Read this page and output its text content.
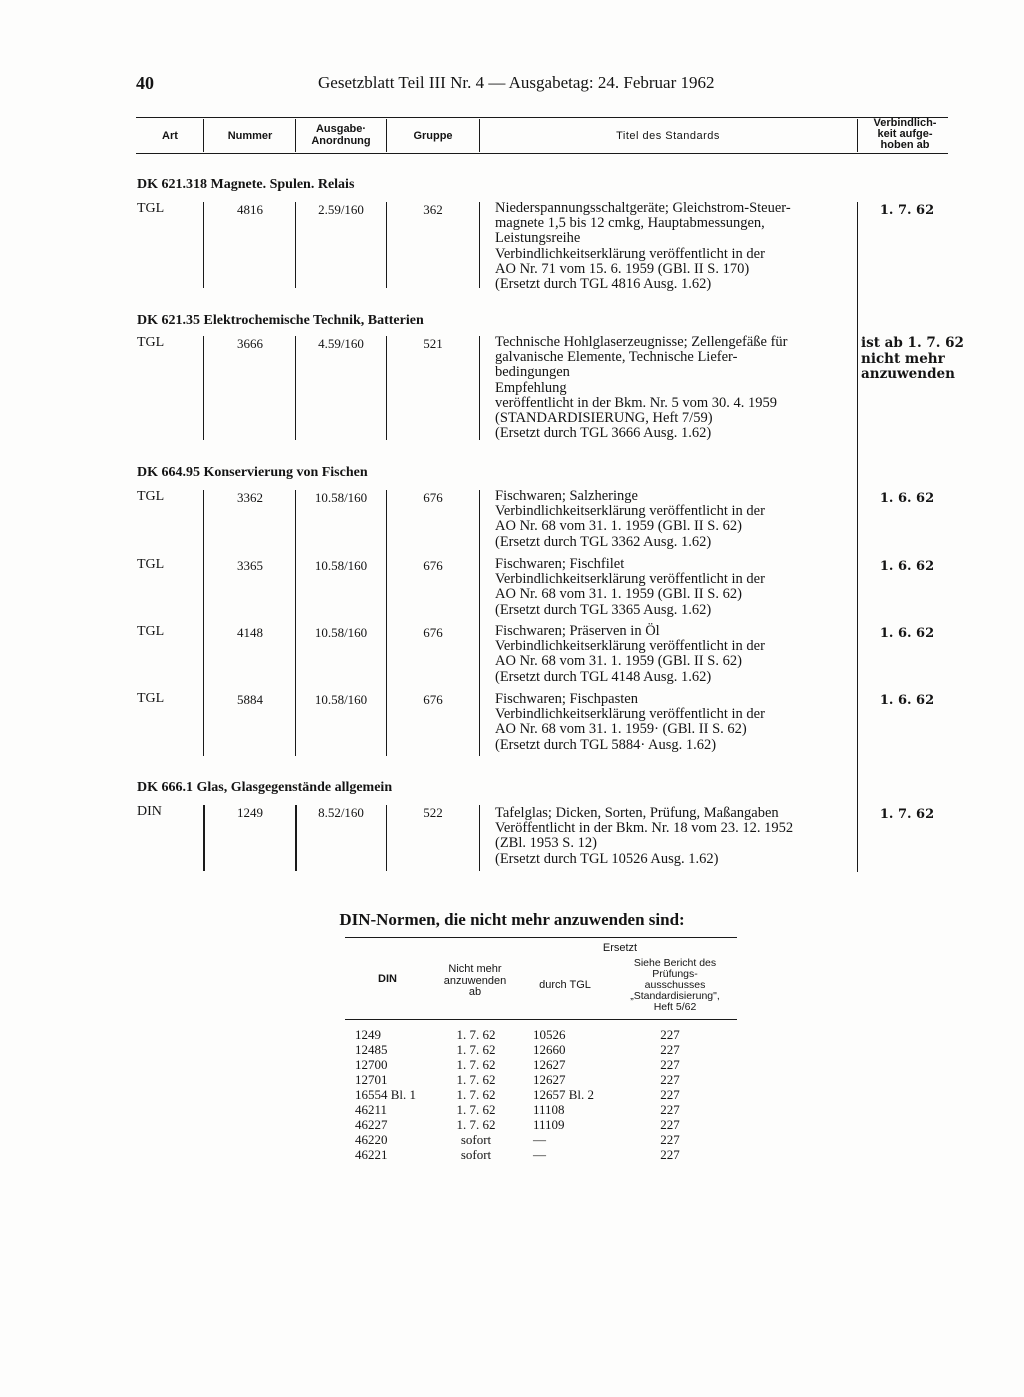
40	Gesetzblatt Teil III Nr. 4 — Ausgabetag: 24. Februar 1962
Art	Nummer
Ausgabe·
Anordnung	Gruppe	Titel des Standards
Verbindlich-
keit aufge-
hoben ab
DK 621.318 Magnete. Spulen. Relais
TGL	4816	2.59/160	362	Niederspannungsschaltgeräte; Gleichstrom-Steuer-
magnete 1,5 bis 12 cmkg, Hauptabmessungen,
Leistungsreihe
Verbindlichkeitserklärung veröffentlicht in der
AO Nr. 71 vom 15. 6. 1959 (GBl. II S. 170)
(Ersetzt durch TGL 4816 Ausg. 1.62)
1. 7. 62
DK 621.35 Elektrochemische Technik, Batterien
TGL	3666	4.59/160	521	Technische Hohlglaserzeugnisse; Zellengefäße für
galvanische Elemente, Technische Liefer-
bedingungen
Empfehlung
veröffentlicht in der Bkm. Nr. 5 vom 30. 4. 1959
(STANDARDISIERUNG, Heft 7/59)
(Ersetzt durch TGL 3666 Ausg. 1.62)
ist ab 1. 7. 62
nicht mehr
anzuwenden
DK 664.95 Konservierung von Fischen
TGL	3362	10.58/160	676	Fischwaren; Salzheringe
Verbindlichkeitserklärung veröffentlicht in der
AO Nr. 68 vom 31. 1. 1959 (GBl. II S. 62)
(Ersetzt durch TGL 3362 Ausg. 1.62)
1. 6. 62
TGL	3365	10.58/160	676	Fischwaren; Fischfilet
Verbindlichkeitserklärung veröffentlicht in der
AO Nr. 68 vom 31. 1. 1959 (GBl. II S. 62)
(Ersetzt durch TGL 3365 Ausg. 1.62)
1. 6. 62
TGL	4148	10.58/160	676	Fischwaren; Präserven in Öl
Verbindlichkeitserklärung veröffentlicht in der
AO Nr. 68 vom 31. 1. 1959 (GBl. II S. 62)
(Ersetzt durch TGL 4148 Ausg. 1.62)
1. 6. 62
TGL	5884	10.58/160	676	Fischwaren; Fischpasten
Verbindlichkeitserklärung veröffentlicht in der
AO Nr. 68 vom 31. 1. 1959· (GBl. II S. 62)
(Ersetzt durch TGL 5884· Ausg. 1.62)
1. 6. 62
DK 666.1 Glas, Glasgegenstände allgemein
DIN	1249	8.52/160	522	Tafelglas; Dicken, Sorten, Prüfung, Maßangaben
Veröffentlicht in der Bkm. Nr. 18 vom 23. 12. 1952
(ZBl. 1953 S. 12)
(Ersetzt durch TGL 10526 Ausg. 1.62)
1. 7. 62
DIN-Normen, die nicht mehr anzuwenden sind:
DIN
Nicht mehr
anzuwenden
ab
Ersetzt
durch TGL
Siehe Bericht des
Prüfungs-
ausschusses
„Standardisierung",
Heft 5/62
1249	1. 7. 62	10526	227
12485	1. 7. 62	12660	227
12700	1. 7. 62	12627	227
12701	1. 7. 62	12627	227
16554 Bl. 1	1. 7. 62	12657 Bl. 2	227
46211	1. 7. 62	11108	227
46227	1. 7. 62	11109	227
46220	sofort	—	227
46221	sofort	—	227
